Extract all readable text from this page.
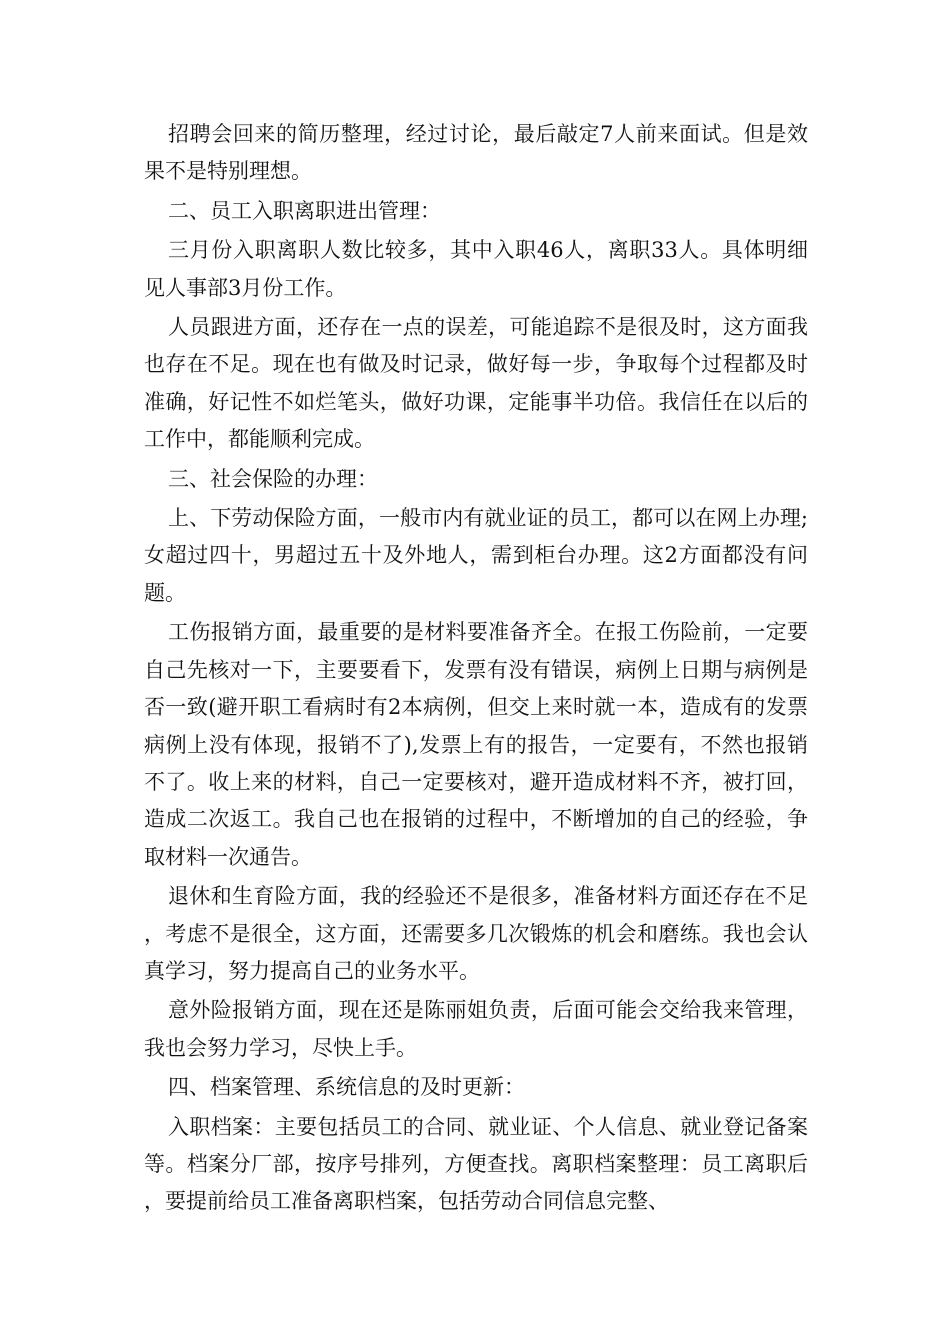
招聘会回来的简历整理，经过讨论，最后敲定7人前来面试。但是效果不是特别理想。

二、员工入职离职进出管理：

三月份入职离职人数比较多，其中入职46人，离职33人。具体明细见人事部3月份工作。

人员跟进方面，还存在一点的误差，可能追踪不是很及时，这方面我也存在不足。现在也有做及时记录，做好每一步，争取每个过程都及时准确，好记性不如烂笔头，做好功课，定能事半功倍。我信任在以后的工作中，都能顺利完成。

三、社会保险的办理：

上、下劳动保险方面，一般市内有就业证的员工，都可以在网上办理;女超过四十，男超过五十及外地人，需到柜台办理。这2方面都没有问题。

工伤报销方面，最重要的是材料要准备齐全。在报工伤险前，一定要自己先核对一下，主要要看下，发票有没有错误，病例上日期与病例是否一致(避开职工看病时有2本病例，但交上来时就一本，造成有的发票病例上没有体现，报销不了),发票上有的报告，一定要有，不然也报销不了。收上来的材料，自己一定要核对，避开造成材料不齐，被打回，造成二次返工。我自己也在报销的过程中，不断增加的自己的经验，争取材料一次通告。

退休和生育险方面，我的经验还不是很多，准备材料方面还存在不足，考虑不是很全，这方面，还需要多几次锻炼的机会和磨练。我也会认真学习，努力提高自己的业务水平。

意外险报销方面，现在还是陈丽姐负责，后面可能会交给我来管理，我也会努力学习，尽快上手。

四、档案管理、系统信息的及时更新：

入职档案：主要包括员工的合同、就业证、个人信息、就业登记备案等。档案分厂部，按序号排列，方便查找。离职档案整理：员工离职后，要提前给员工准备离职档案，包括劳动合同信息完整、
